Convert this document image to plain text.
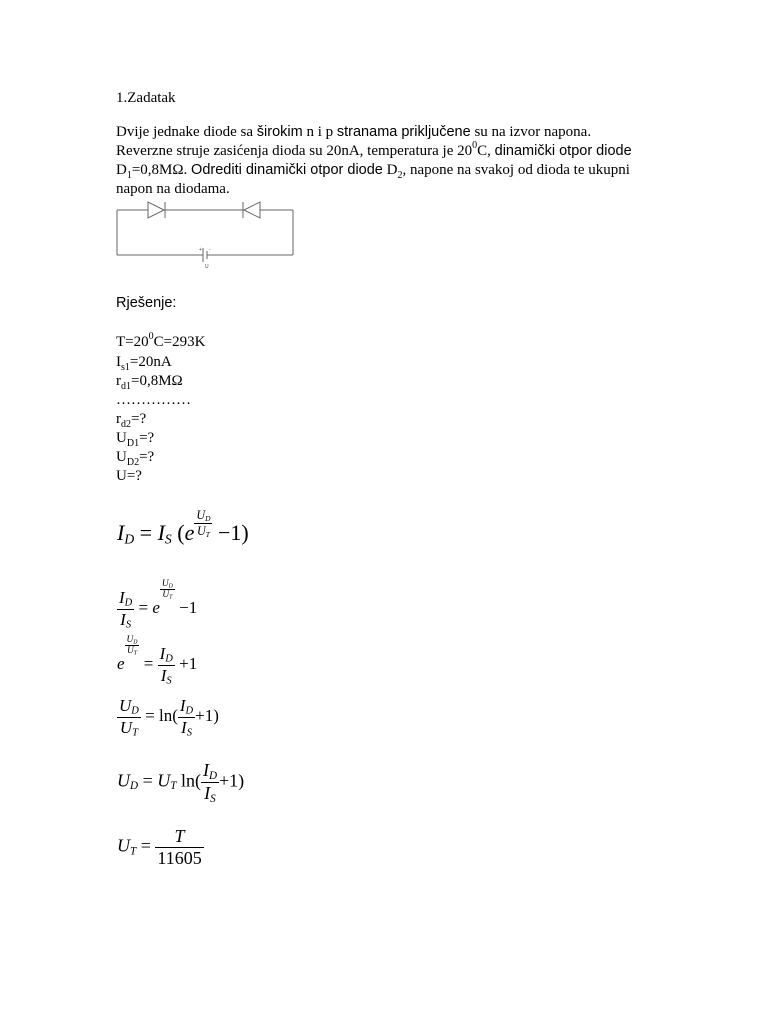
1.Zadatak
Dvije jednake diode sa širokim n i p stranama priključene su na izvor napona.
Reverzne struje zasićenja dioda su 20nA, temperatura je $20^0C$, dinamički otpor diode
$D_1=0,8M\Omega$. Odrediti dinamički otpor diode $D_2$, napone na svakoj od dioda te ukupni
napon na diodama.
+ -
U
Rješenje:
$T=20^0C=293K$
$I_{s1}=20nA$
$r_{d1}=0,8M\Omega$
……………
$r_{d2}=$?
$U_{D1}=$?
$U_{D2}=$?
U=?
ID = IS $(e \frac{UD}{UT} -1)$
$\frac{ID}{IS} = e$
$\frac{UD}{UT}$
−1
e
$\frac{UD}{UT}$
= $\frac{ID}{IS} +1$
$\frac{UD}{UT} = \ln( \frac{ID}{IS} +1)$
UD = UT $\ln( \frac{ID}{IS} +1)$
UT = $\frac{T}{11605}$
